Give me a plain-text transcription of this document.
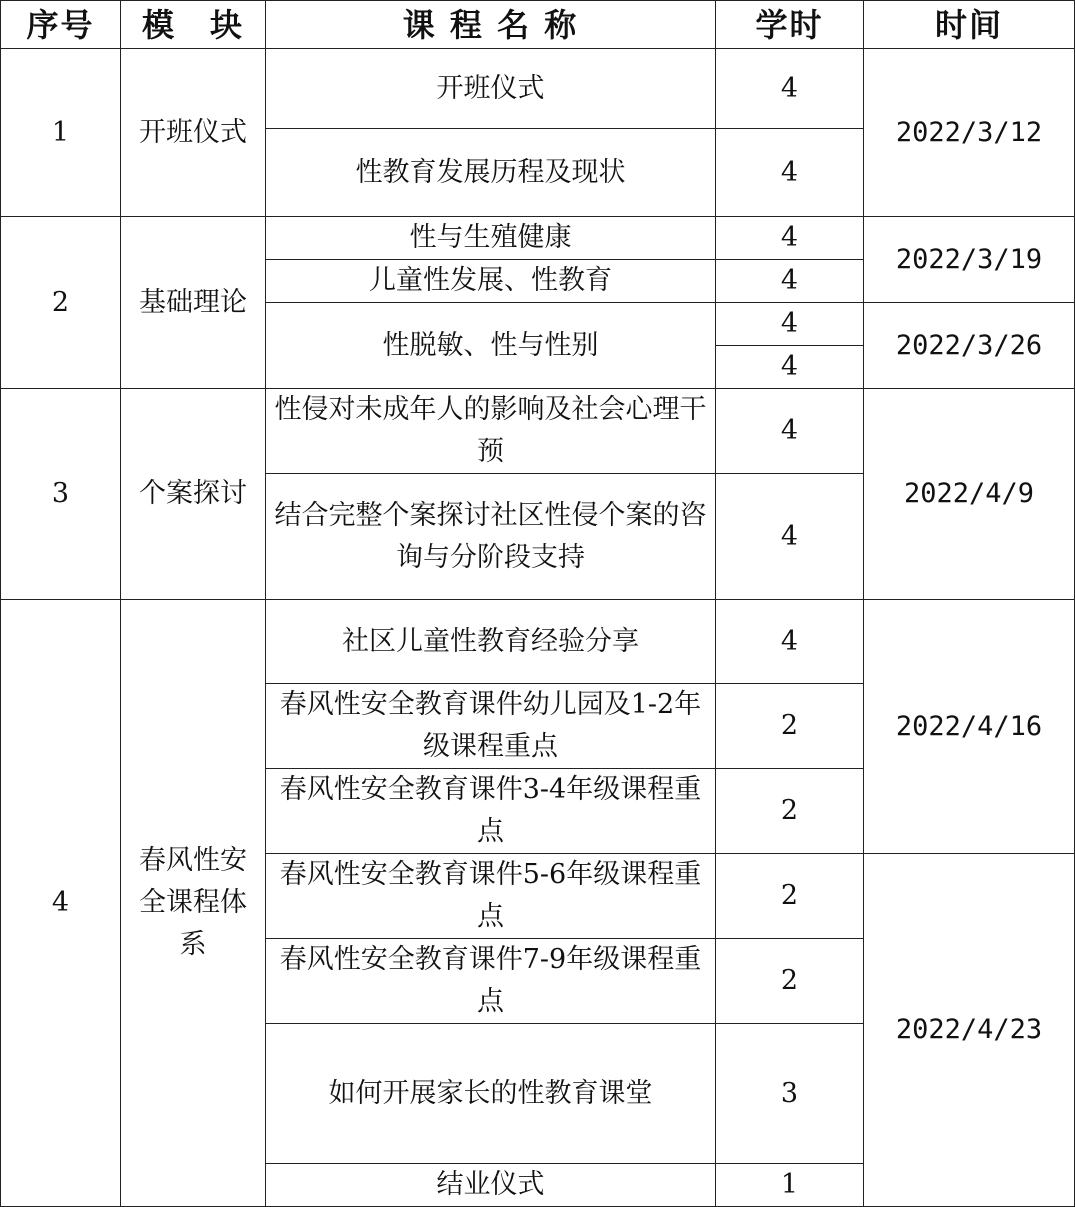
序号	模　块	课 程 名 称	学时	时间
1	开班仪式	开班仪式	4	2022/3/12
		性教育发展历程及现状	4	
2	基础理论	性与生殖健康	4	2022/3/19
		儿童性发展、性教育	4	
		性脱敏、性与性别	4	2022/3/26
			4	
3	个案探讨	性侵对未成年人的影响及社会心理干预	4	2022/4/9
		结合完整个案探讨社区性侵个案的咨询与分阶段支持	4	
4	春风性安全课程体系	社区儿童性教育经验分享	4	2022/4/16
		春风性安全教育课件幼儿园及1-2年级课程重点	2	
		春风性安全教育课件3-4年级课程重点	2	
		春风性安全教育课件5-6年级课程重点	2	2022/4/23
		春风性安全教育课件7-9年级课程重点	2	
		如何开展家长的性教育课堂	3	
		结业仪式	1	
